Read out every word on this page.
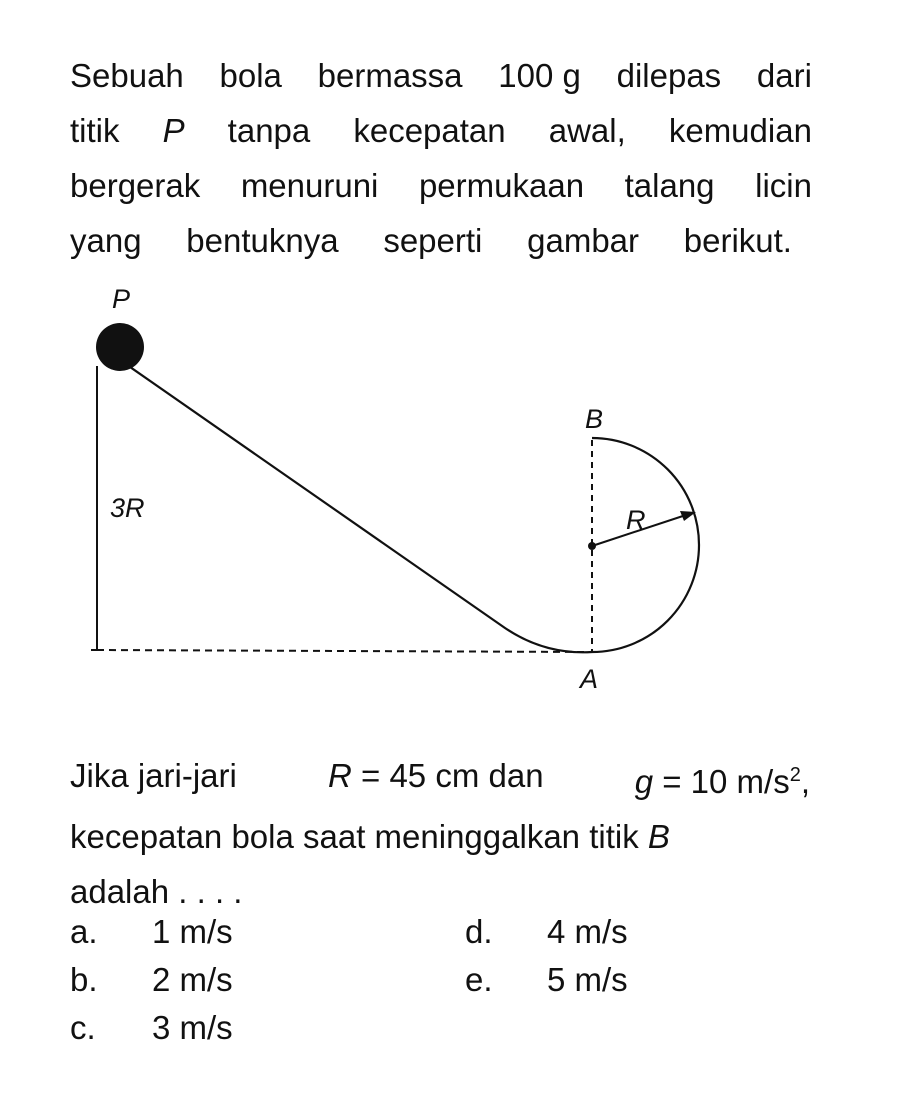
Sebuah bola bermassa 100 g dilepas dari
titik P tanpa kecepatan awal, kemudian
bergerak menuruni permukaan talang licin
yang bentuknya seperti gambar berikut.
P
B
R
3R
A
Jika jari-jari	R = 45 cm dan	g = 10 $m/s^2$,
kecepatan bola saat meninggalkan titik B
adalah . . . .
a. 1 m/s
b. 2 m/s
c. 3 m/s
d. 4 m/s
e. 5 m/s
